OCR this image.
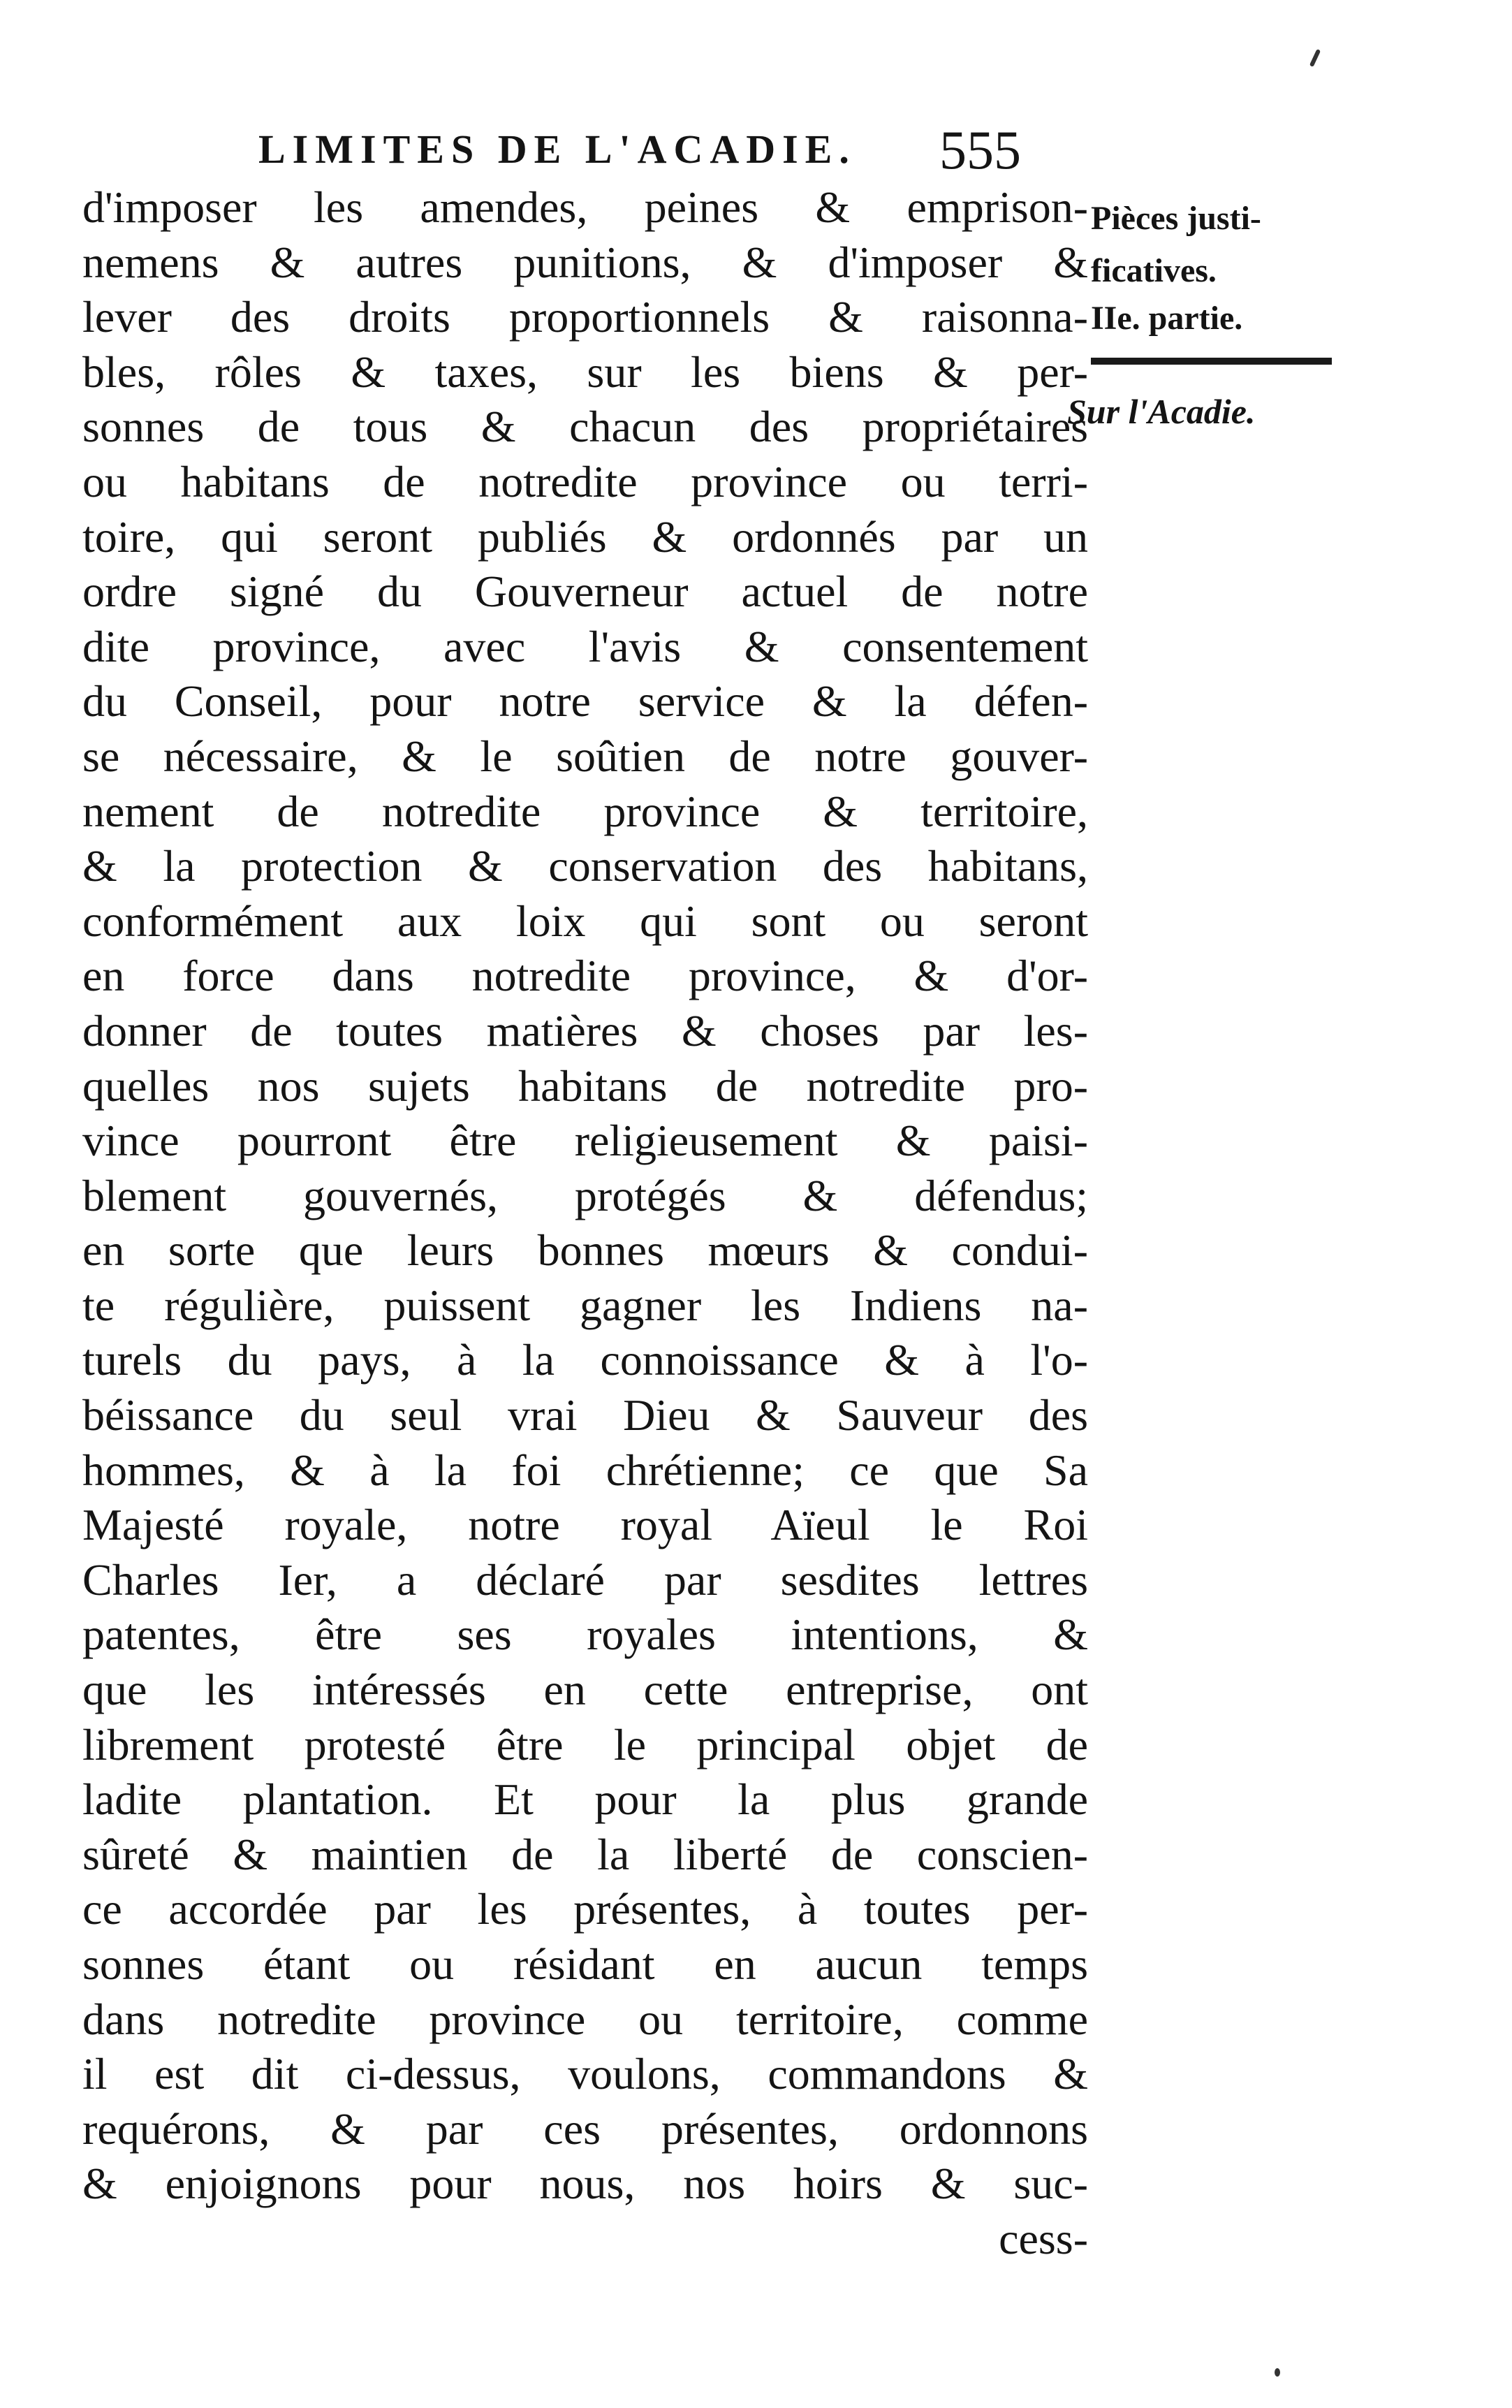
LIMITES DE L'ACADIE.	555
Pièces justi-
ficatives.
IIe. partie.
Sur l'Acadie.
d'imposer les amendes, peines & emprison-
nemens & autres punitions, & d'imposer &
lever des droits proportionnels & raisonna-
bles, rôles & taxes, sur les biens & per-
sonnes de tous & chacun des propriétaires
ou habitans de notredite province ou terri-
toire, qui seront publiés & ordonnés par un
ordre signé du Gouverneur actuel de notre
dite province, avec l'avis & consentement
du Conseil, pour notre service & la défen-
se nécessaire, & le soûtien de notre gouver-
nement de notredite province & territoire,
& la protection & conservation des habitans,
conformément aux loix qui sont ou seront
en force dans notredite province, & d'or-
donner de toutes matières & choses par les-
quelles nos sujets habitans de notredite pro-
vince pourront être religieusement & paisi-
blement gouvernés, protégés & défendus;
en sorte que leurs bonnes mœurs & condui-
te régulière, puissent gagner les Indiens na-
turels du pays, à la connoissance & à l'o-
béissance du seul vrai Dieu & Sauveur des
hommes, & à la foi chrétienne; ce que Sa
Majesté royale, notre royal Aïeul le Roi
Charles Ier, a déclaré par sesdites lettres
patentes, être ses royales intentions, &
que les intéressés en cette entreprise, ont
librement protesté être le principal objet de
ladite plantation. Et pour la plus grande
sûreté & maintien de la liberté de conscien-
ce accordée par les présentes, à toutes per-
sonnes étant ou résidant en aucun temps
dans notredite province ou territoire, comme
il est dit ci-dessus, voulons, commandons &
requérons, & par ces présentes, ordonnons
& enjoignons pour nous, nos hoirs & suc-
cess-
